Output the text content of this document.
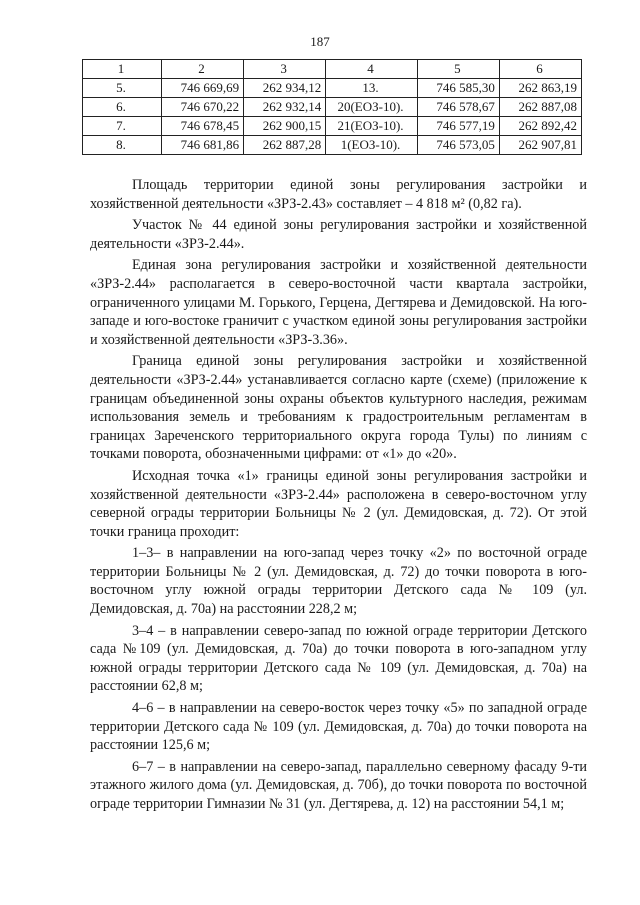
187
1	2	3	4	5	6
5.	746 669,69	262 934,12	13.	746 585,30	262 863,19
6.	746 670,22	262 932,14	20(ЕОЗ-10).	746 578,67	262 887,08
7.	746 678,45	262 900,15	21(ЕОЗ-10).	746 577,19	262 892,42
8.	746 681,86	262 887,28	1(ЕОЗ-10).	746 573,05	262 907,81

Площадь территории единой зоны регулирования застройки и хозяйственной деятельности «ЗРЗ-2.43» составляет – 4 818 м² (0,82 га).

Участок № 44 единой зоны регулирования застройки и хозяйственной деятельности «ЗРЗ-2.44».

Единая зона регулирования застройки и хозяйственной деятельности «ЗРЗ-2.44» располагается в северо-восточной части квартала застройки, ограниченного улицами М. Горького, Герцена, Дегтярева и Демидовской. На юго-западе и юго-востоке граничит с участком единой зоны регулирования застройки и хозяйственной деятельности «ЗРЗ-3.36».

Граница единой зоны регулирования застройки и хозяйственной деятельности «ЗРЗ-2.44» устанавливается согласно карте (схеме) (приложение к границам объединенной зоны охраны объектов культурного наследия, режимам использования земель и требованиям к градостроительным регламентам в границах Зареченского территориального округа города Тулы) по линиям с точками поворота, обозначенными цифрами: от «1» до «20».

Исходная точка «1» границы единой зоны регулирования застройки и хозяйственной деятельности «ЗРЗ-2.44» расположена в северо-восточном углу северной ограды территории Больницы № 2 (ул. Демидовская, д. 72). От этой точки граница проходит:

1–3– в направлении на юго-запад через точку «2» по восточной ограде территории Больницы № 2 (ул. Демидовская, д. 72) до точки поворота в юго-восточном углу южной ограды территории Детского сада № 109 (ул. Демидовская, д. 70а) на расстоянии 228,2 м;

3–4 – в направлении северо-запад по южной ограде территории Детского сада №109 (ул. Демидовская, д. 70а) до точки поворота в юго-западном углу южной ограды территории Детского сада № 109 (ул. Демидовская, д. 70а) на расстоянии 62,8 м;

4–6 – в направлении на северо-восток через точку «5» по западной ограде территории Детского сада № 109 (ул. Демидовская, д. 70а) до точки поворота на расстоянии 125,6 м;

6–7 – в направлении на северо-запад, параллельно северному фасаду 9-ти этажного жилого дома (ул. Демидовская, д. 70б), до точки поворота по восточной ограде территории Гимназии № 31 (ул. Дегтярева, д. 12) на расстоянии 54,1 м;
